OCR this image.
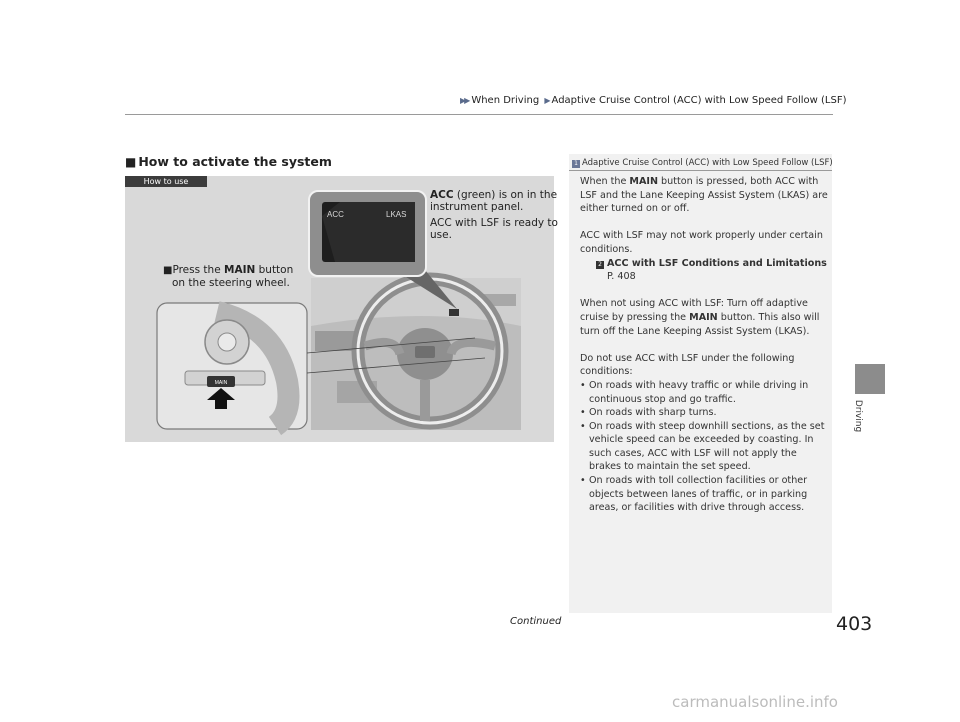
▶▶ When Driving ▶ Adaptive Cruise Control (ACC) with Low Speed Follow (LSF)
■ How to activate the system
MAIN
ACC	LKAS
How to use
■Press the MAIN button
on the steering wheel.

ACC (green) is on in the instrument panel.

ACC with LSF is ready to use.

1 Adaptive Cruise Control (ACC) with Low Speed Follow (LSF)

When the MAIN button is pressed, both ACC with LSF and the Lane Keeping Assist System (LKAS) are either turned on or off.

ACC with LSF may not work properly under certain conditions.
2 ACC with LSF Conditions and Limitations
P. 408

When not using ACC with LSF: Turn off adaptive cruise by pressing the MAIN button. This also will turn off the Lane Keeping Assist System (LKAS).

Do not use ACC with LSF under the following conditions:
• On roads with heavy traffic or while driving in continuous stop and go traffic.
• On roads with sharp turns.
• On roads with steep downhill sections, as the set vehicle speed can be exceeded by coasting. In such cases, ACC with LSF will not apply the brakes to maintain the set speed.
• On roads with toll collection facilities or other objects between lanes of traffic, or in parking areas, or facilities with drive through access.
Driving
Continued	403
carmanualsonline.info
